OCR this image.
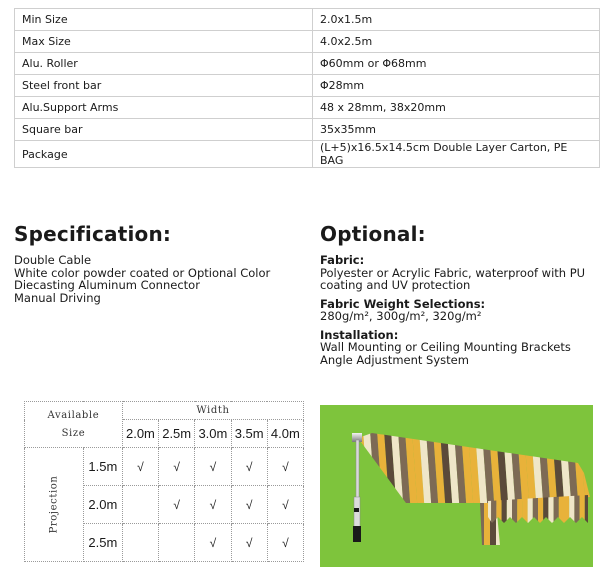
Min Size	2.0x1.5m
Max Size	4.0x2.5m
Alu. Roller	Φ60mm or Φ68mm
Steel front bar	Φ28mm
Alu.Support Arms	48 x 28mm, 38x20mm
Square bar	35x35mm
Package	(L+5)x16.5x14.5cm Double Layer Carton, PE BAG
Specification:
Double Cable
White color powder coated or Optional Color
Diecasting Aluminum Connector
Manual Driving
Optional:
Fabric:
Polyester or Acrylic Fabric, waterproof with PU
coating and UV protection
Fabric Weight Selections:
280g/m², 300g/m², 320g/m²
Installation:
Wall Mounting or Ceiling Mounting Brackets
Angle Adjustment System
Available
Size		Width				
		2.0m	2.5m	3.0m	3.5m	4.0m
Projection	1.5m	√	√	√	√	√
	2.0m		√	√	√	√
	2.5m			√	√	√
